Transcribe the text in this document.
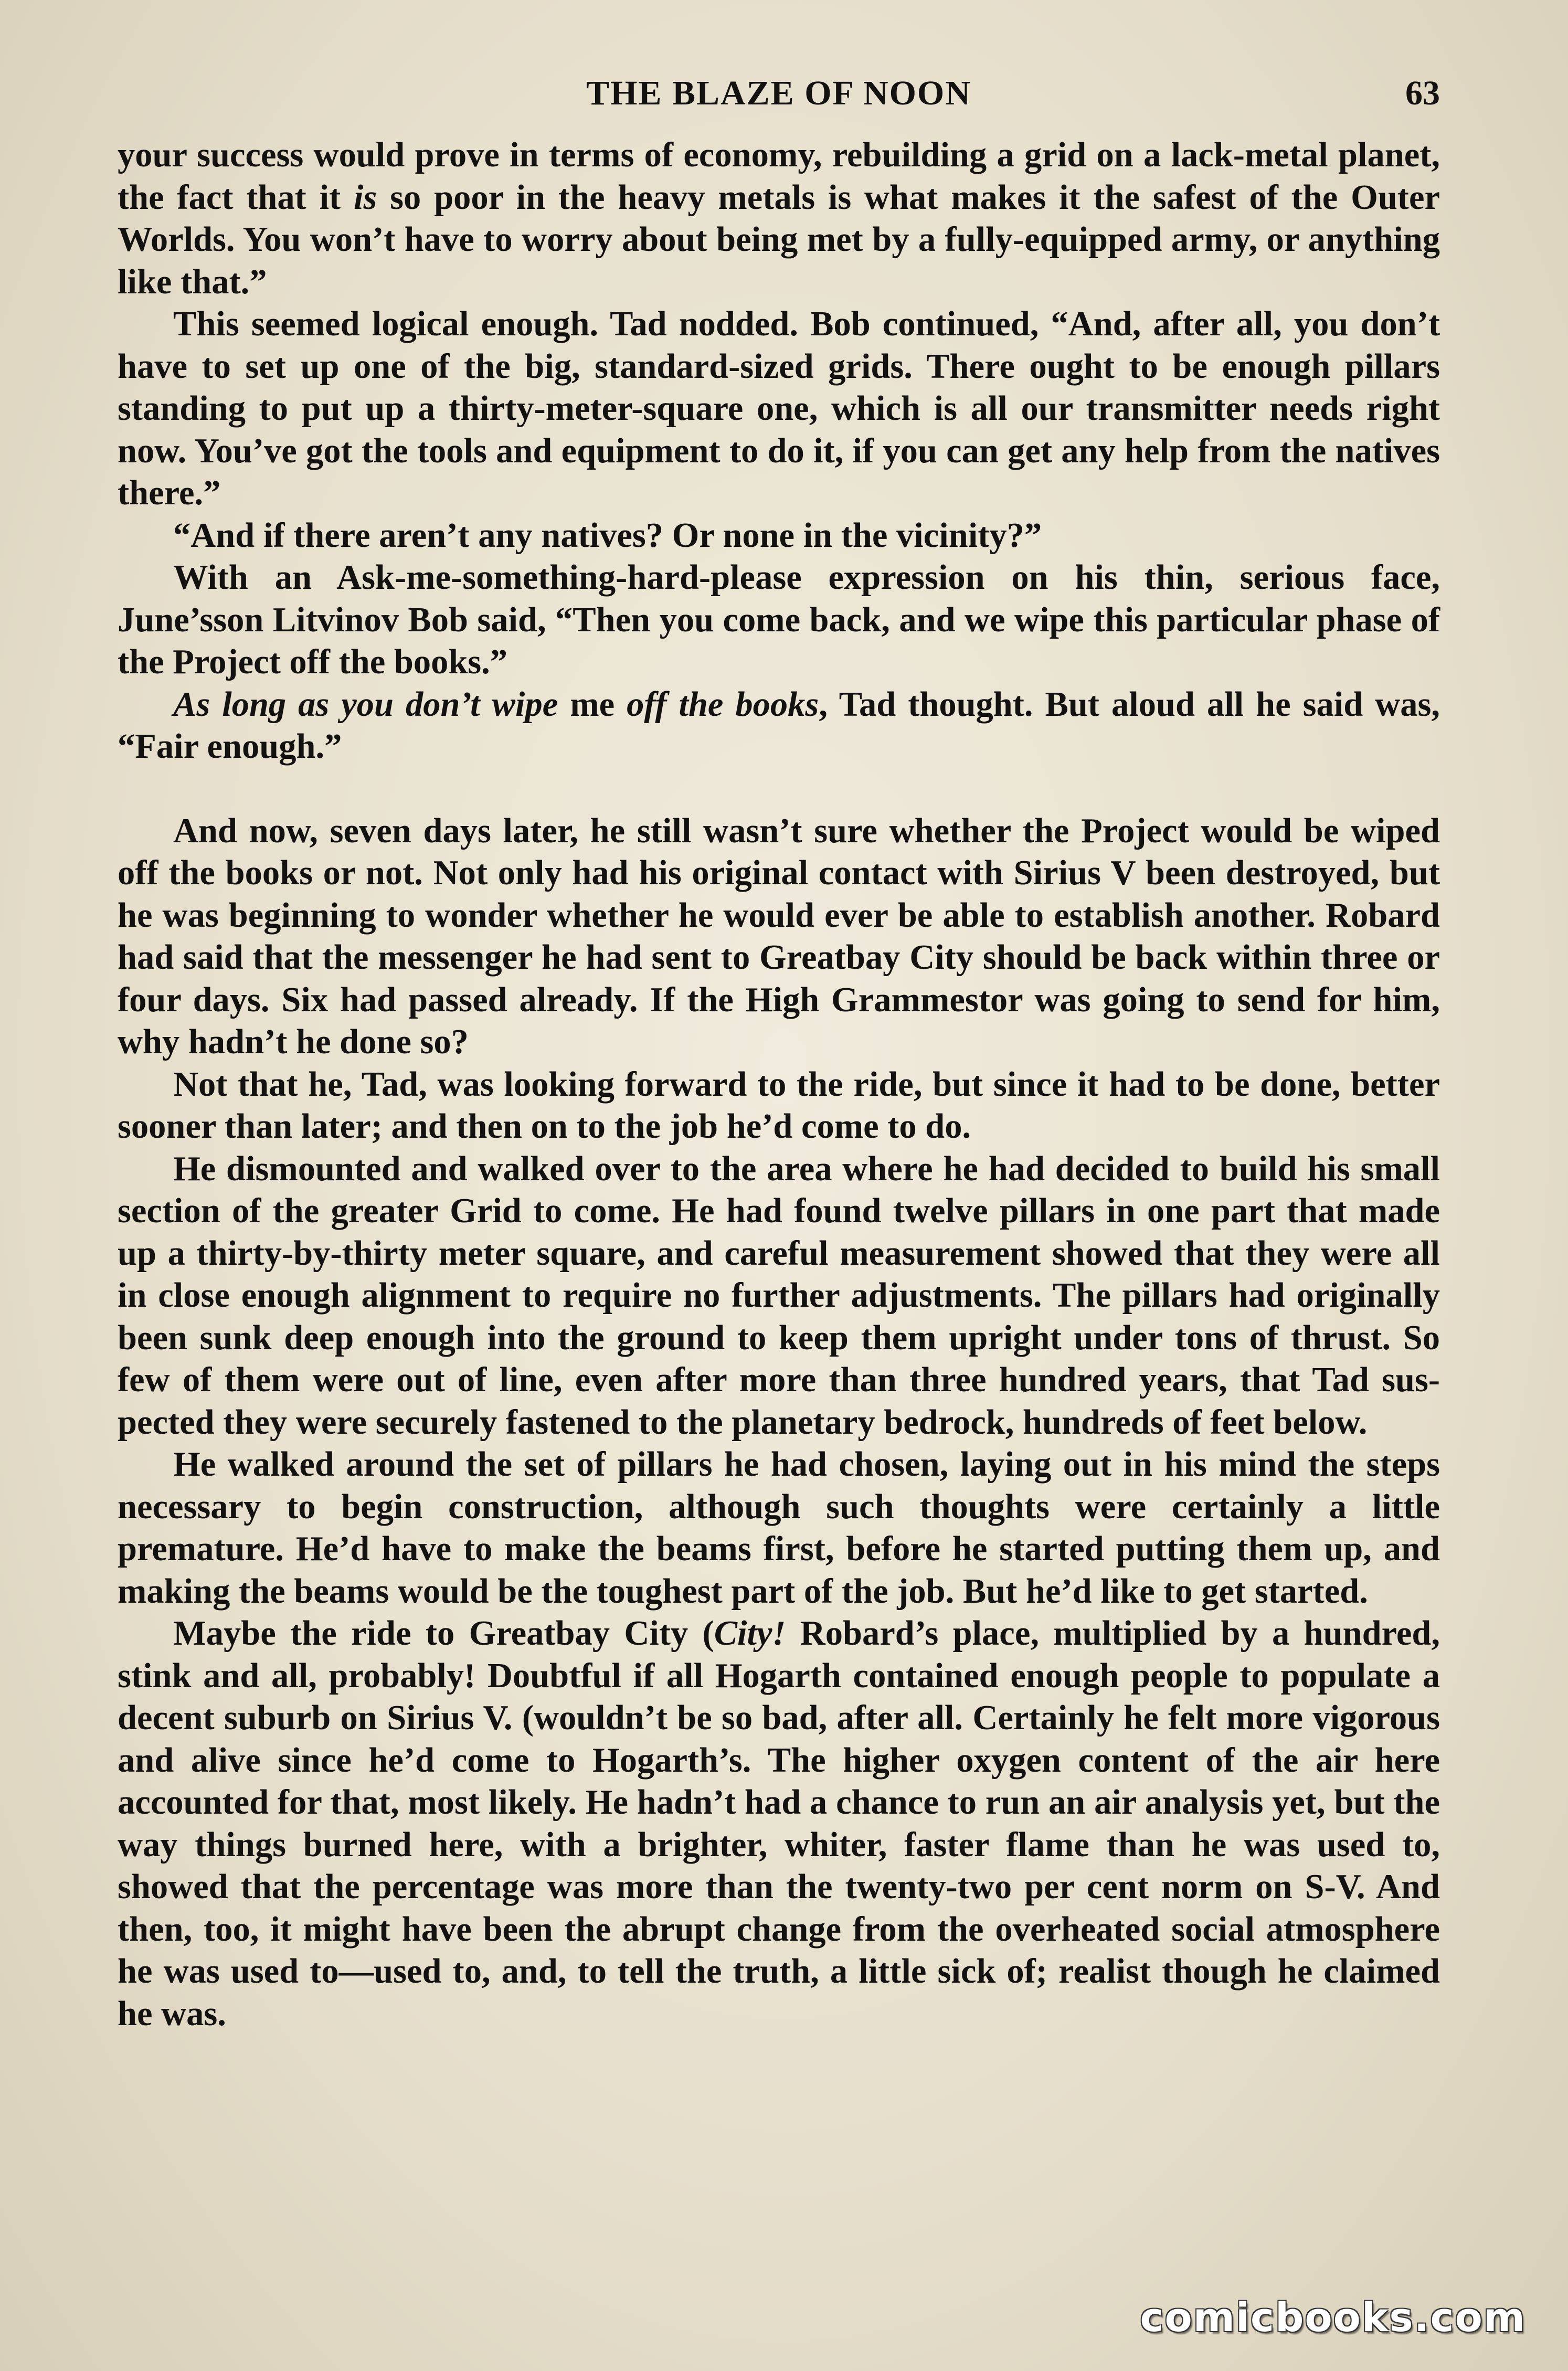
THE BLAZE OF NOON	63

your success would prove in terms of economy, rebuilding a grid on a lack-metal planet, the fact that it is so poor in the heavy metals is what makes it the safest of the Outer Worlds. You won’t have to worry about being met by a fully-equipped army, or anything like that.”

This seemed logical enough. Tad nodded. Bob continued, “And, after all, you don’t have to set up one of the big, standard-sized grids. There ought to be enough pillars standing to put up a thirty-meter-square one, which is all our transmitter needs right now. You’ve got the tools and equipment to do it, if you can get any help from the natives there.”

“And if there aren’t any natives? Or none in the vicinity?”

With an Ask-me-something-hard-please expression on his thin, serious face, June’sson Litvinov Bob said, “Then you come back, and we wipe this particular phase of the Project off the books.”

As long as you don’t wipe me off the books, Tad thought. But aloud all he said was, “Fair enough.”

And now, seven days later, he still wasn’t sure whether the Project would be wiped off the books or not. Not only had his original contact with Sirius V been destroyed, but he was beginning to wonder whether he would ever be able to establish another. Robard had said that the messenger he had sent to Greatbay City should be back within three or four days. Six had passed already. If the High Grammestor was going to send for him, why hadn’t he done so?

Not that he, Tad, was looking forward to the ride, but since it had to be done, better sooner than later; and then on to the job he’d come to do.

He dismounted and walked over to the area where he had decided to build his small section of the greater Grid to come. He had found twelve pillars in one part that made up a thirty-by-thirty meter square, and careful measurement showed that they were all in close enough alignment to require no further adjustments. The pillars had originally been sunk deep enough into the ground to keep them upright under tons of thrust. So few of them were out of line, even after more than three hundred years, that Tad sus-pected they were securely fastened to the planetary bedrock, hundreds of feet below.

He walked around the set of pillars he had chosen, laying out in his mind the steps necessary to begin construction, although such thoughts were certainly a little premature. He’d have to make the beams first, before he started putting them up, and making the beams would be the toughest part of the job. But he’d like to get started.

Maybe the ride to Greatbay City (City! Robard’s place, multiplied by a hundred, stink and all, probably! Doubtful if all Hogarth contained enough people to populate a decent suburb on Sirius V. (wouldn’t be so bad, after all. Certainly he felt more vigorous and alive since he’d come to Hogarth’s. The higher oxygen content of the air here accounted for that, most likely. He hadn’t had a chance to run an air analysis yet, but the way things burned here, with a brighter, whiter, faster flame than he was used to, showed that the percentage was more than the twenty-two per cent norm on S-V. And then, too, it might have been the abrupt change from the overheated social atmosphere he was used to—used to, and, to tell the truth, a little sick of; realist though he claimed he was.

comicbooks.com
